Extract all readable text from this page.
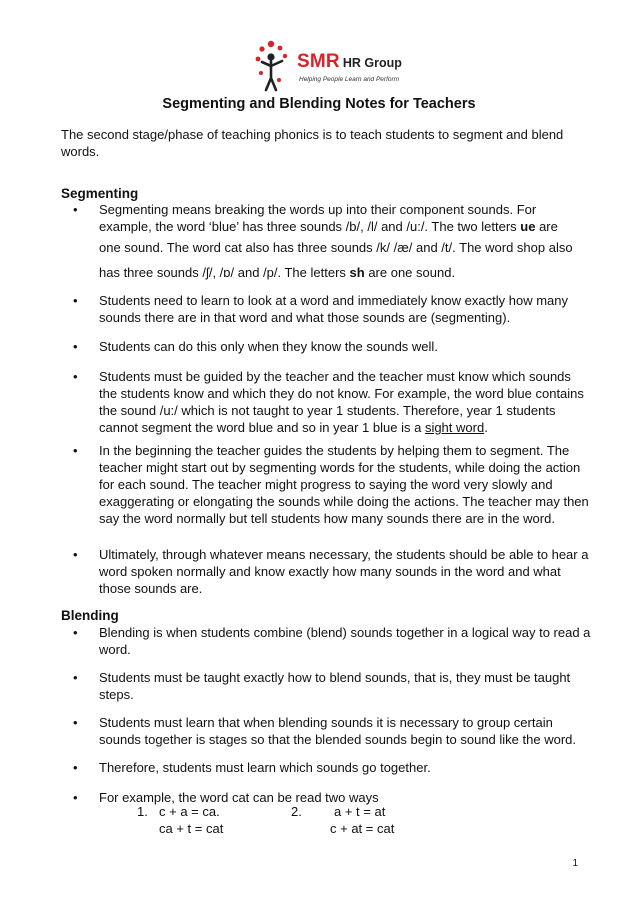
SMR HR Group
Helping People Learn and Perform
Segmenting and Blending Notes for Teachers
The second stage/phase of teaching phonics is to teach students to segment and blend words.
Segmenting
• Segmenting means breaking the words up into their component sounds. For
example, the word ‘blue’ has three sounds /b/, /l/ and /u:/. The two letters ue are
one sound. The word cat also has three sounds /k/ /æ/ and /t/. The word shop also
has three sounds /ʃ/, /ɒ/ and /p/. The letters sh are one sound.
• Students need to learn to look at a word and immediately know exactly how many sounds there are in that word and what those sounds are (segmenting).
• Students can do this only when they know the sounds well.
• Students must be guided by the teacher and the teacher must know which sounds the students know and which they do not know. For example, the word blue contains the sound /u:/ which is not taught to year 1 students. Therefore, year 1 students cannot segment the word blue and so in year 1 blue is a sight word.
• In the beginning the teacher guides the students by helping them to segment. The teacher might start out by segmenting words for the students, while doing the action for each sound. The teacher might progress to saying the word very slowly and exaggerating or elongating the sounds while doing the actions. The teacher may then say the word normally but tell students how many sounds there are in the word.
• Ultimately, through whatever means necessary, the students should be able to hear a word spoken normally and know exactly how many sounds in the word and what those sounds are.
Blending
• Blending is when students combine (blend) sounds together in a logical way to read a word.
• Students must be taught exactly how to blend sounds, that is, they must be taught steps.
• Students must learn that when blending sounds it is necessary to group certain sounds together is stages so that the blended sounds begin to sound like the word.
• Therefore, students must learn which sounds go together.
• For example, the word cat can be read two ways
1. c + a = ca.
ca + t = cat
2. a + t = at
c + at = cat
1
